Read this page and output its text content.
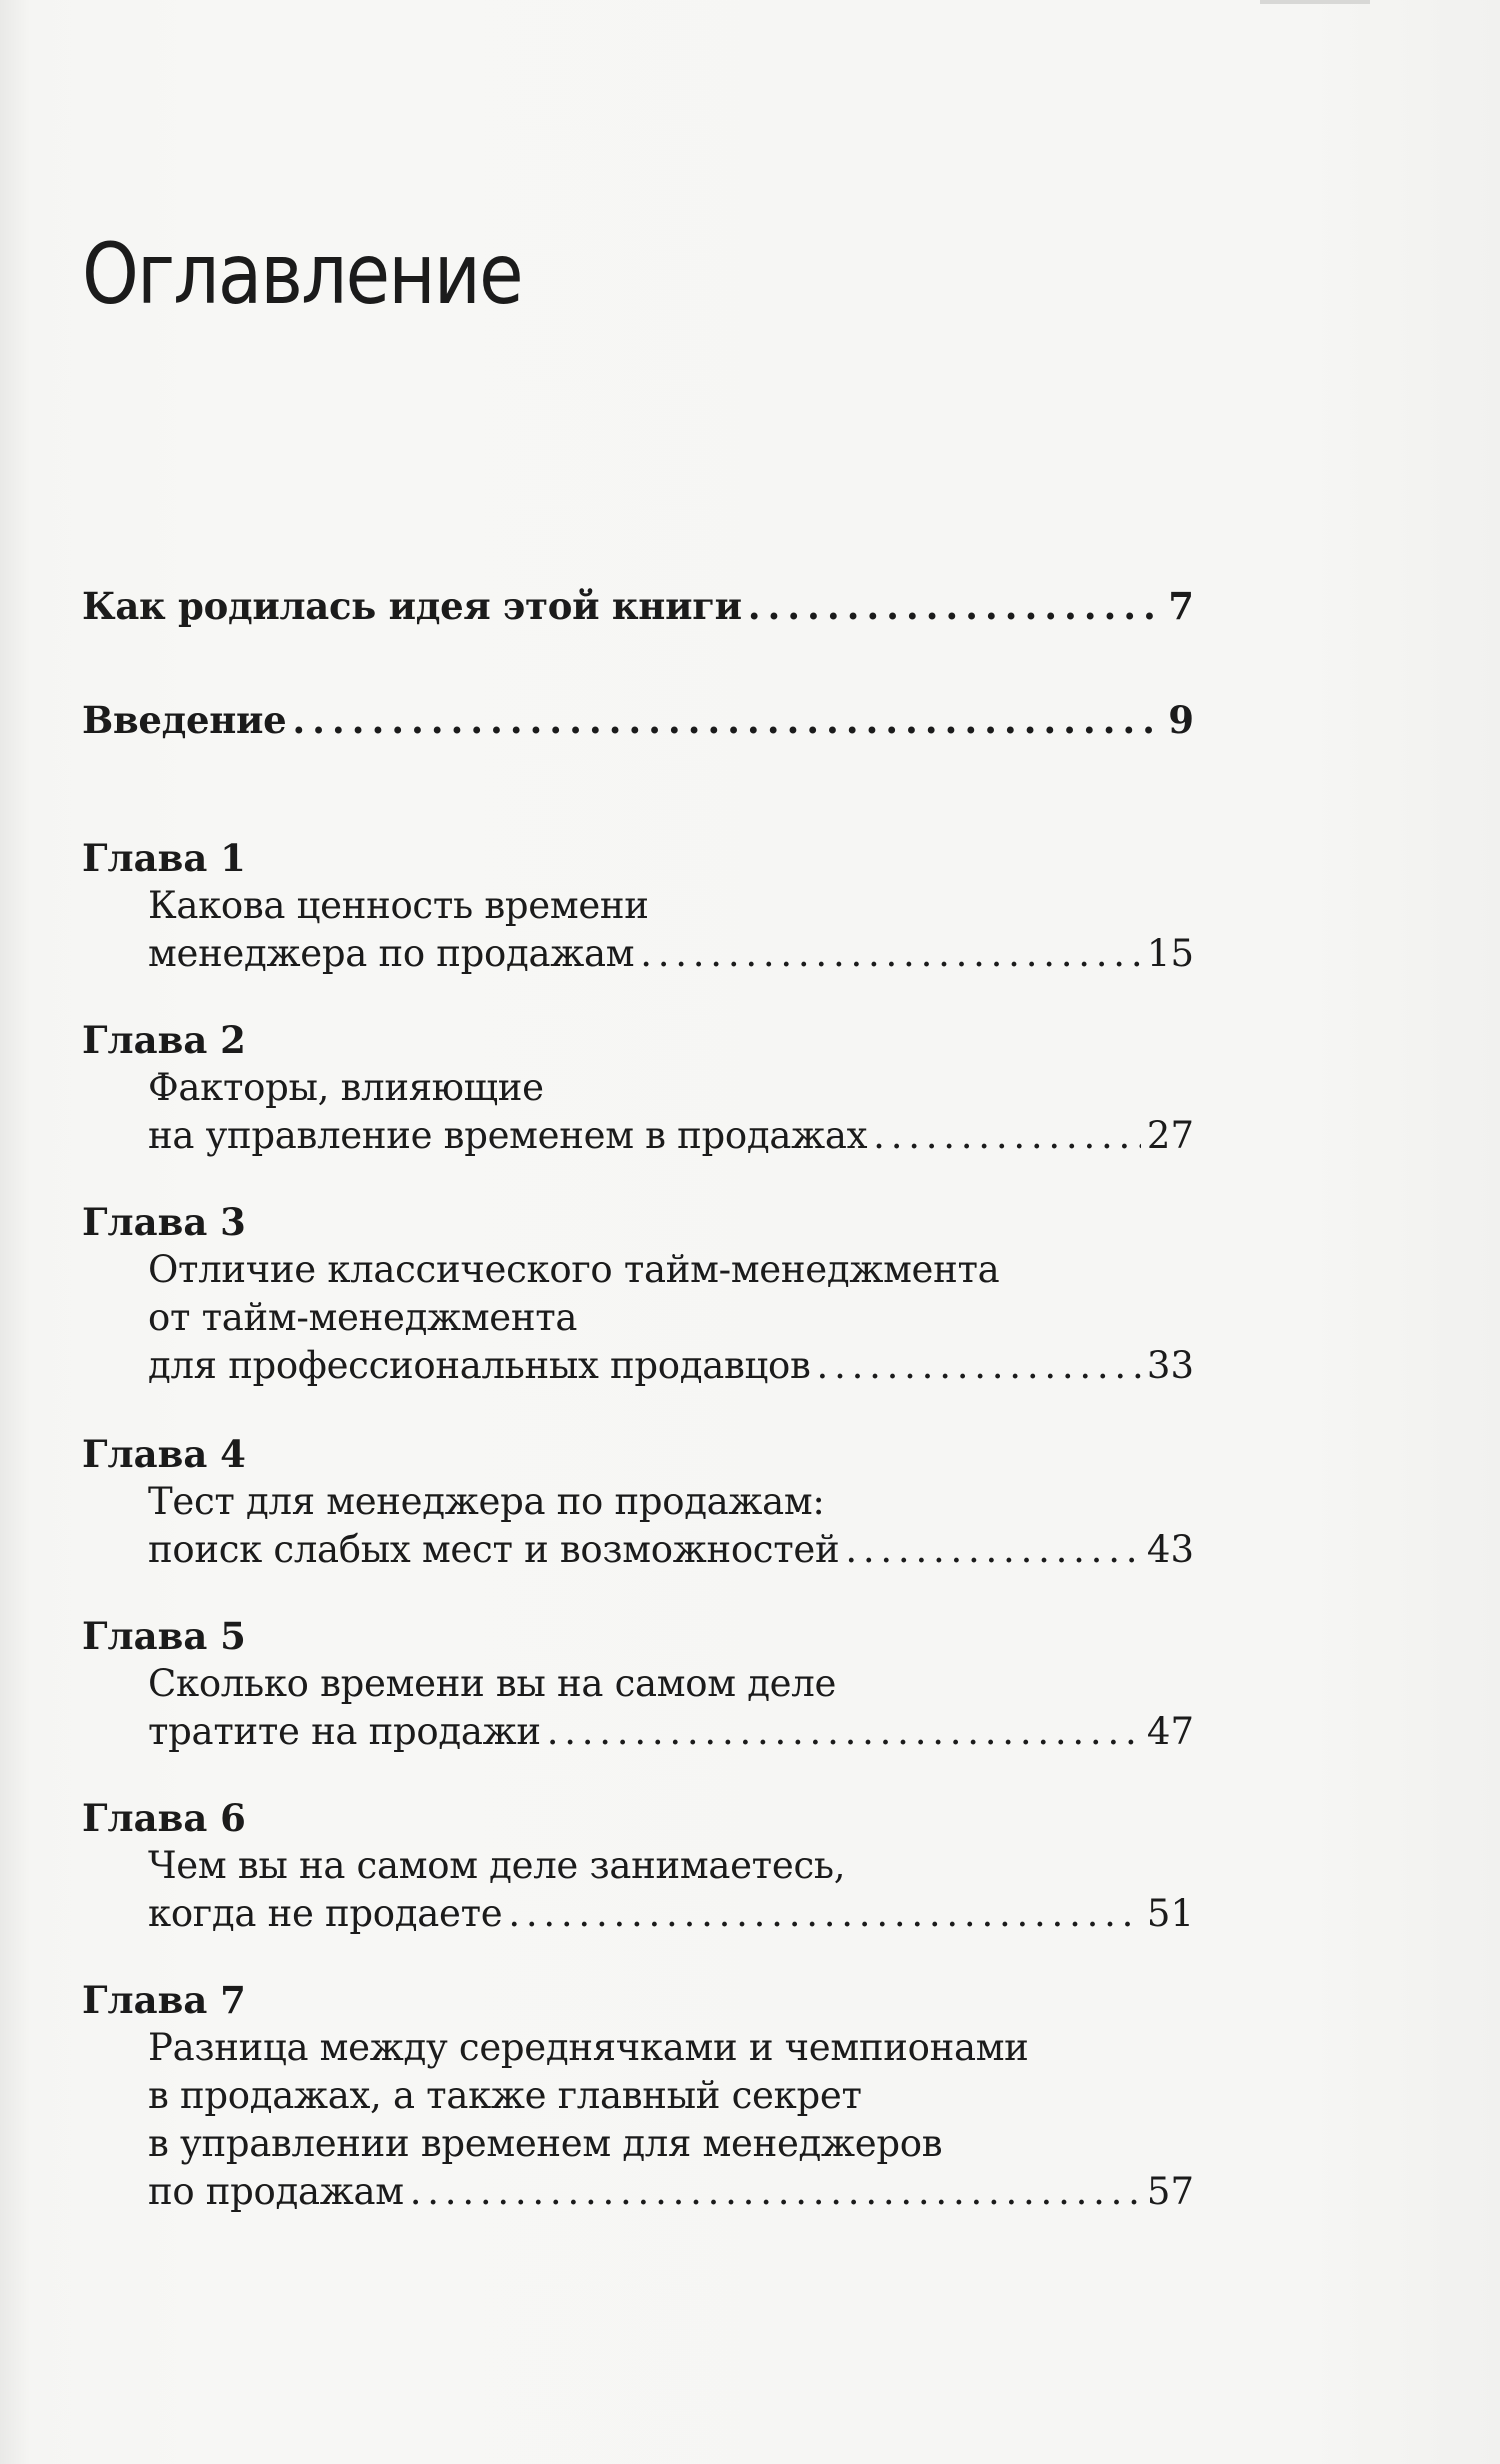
Оглавление
Как родилась идея этой книги . . .	7
Введение . . .	9
Глава 1
Какова ценность времени
менеджера по продажам . . .	15
Глава 2
Факторы, влияющие
на управление временем в продажах . . .	27
Глава 3
Отличие классического тайм-менеджмента
от тайм-менеджмента
для профессиональных продавцов . . .	33
Глава 4
Тест для менеджера по продажам:
поиск слабых мест и возможностей . . .	43
Глава 5
Сколько времени вы на самом деле
тратите на продажи . . .	47
Глава 6
Чем вы на самом деле занимаетесь,
когда не продаете . . .	51
Глава 7
Разница между середнячками и чемпионами
в продажах, а также главный секрет
в управлении временем для менеджеров
по продажам . . .	57
